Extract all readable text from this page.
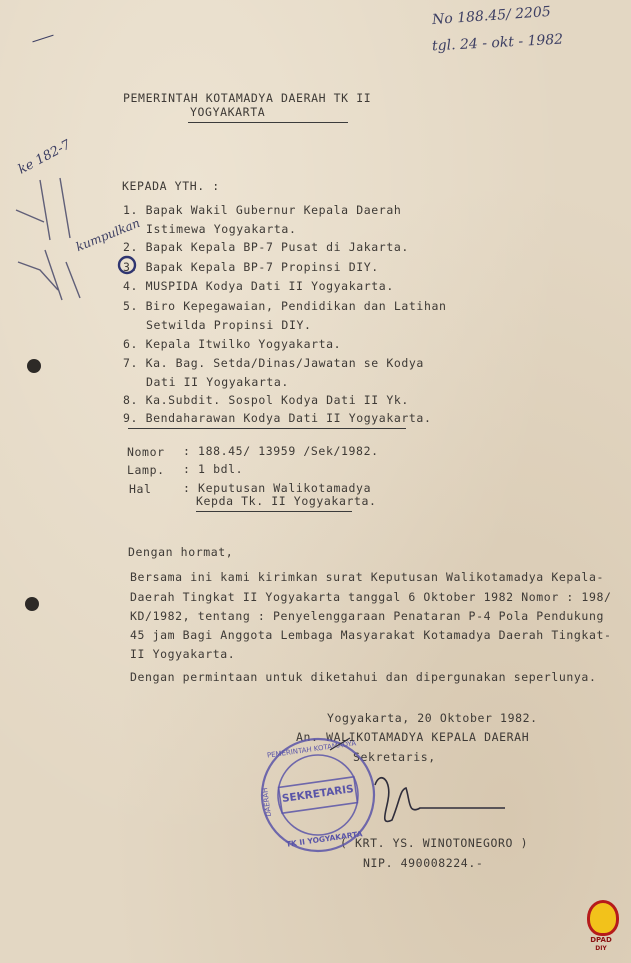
No 188.45/ 2205
tgl. 24 - okt - 1982
PEMERINTAH KOTAMADYA DAERAH TK II
YOGYAKARTA
ke 182-7
kumpulkan
KEPADA YTH. :
1. Bapak Wakil Gubernur Kepala Daerah
Istimewa Yogyakarta.
2. Bapak Kepala BP-7 Pusat di Jakarta.
3. Bapak Kepala BP-7 Propinsi DIY.
4. MUSPIDA Kodya Dati II Yogyakarta.
5. Biro Kepegawaian, Pendidikan dan Latihan
Setwilda Propinsi DIY.
6. Kepala Itwilko Yogyakarta.
7. Ka. Bag. Setda/Dinas/Jawatan se Kodya
Dati II Yogyakarta.
8. Ka.Subdit. Sospol Kodya Dati II Yk.
9. Bendaharawan Kodya Dati II Yogyakarta.
Nomor : 188.45/ 13959 /Sek/1982.
Lamp. : 1 bdl.
Hal	: Keputusan Walikotamadya
Kepda Tk. II Yogyakarta.
Dengan hormat,
Bersama ini kami kirimkan surat Keputusan Walikotamadya Kepala-
Daerah Tingkat II Yogyakarta tanggal 6 Oktober 1982 Nomor : 198/
KD/1982, tentang : Penyelenggaraan Penataran P-4 Pola Pendukung
45 jam Bagi Anggota Lembaga Masyarakat Kotamadya Daerah Tingkat-
II Yogyakarta.
Dengan permintaan untuk diketahui dan dipergunakan seperlunya.
Yogyakarta, 20 Oktober 1982.
An. WALIKOTAMADYA KEPALA DAERAH
Sekretaris,
( KRT. YS. WINOTONEGORO )
NIP. 490008224.-
SEKRETARIS
PEMERINTAH KOTAMADYA
DAERAH
TK II YOGYAKARTA
DPAD
DIY
